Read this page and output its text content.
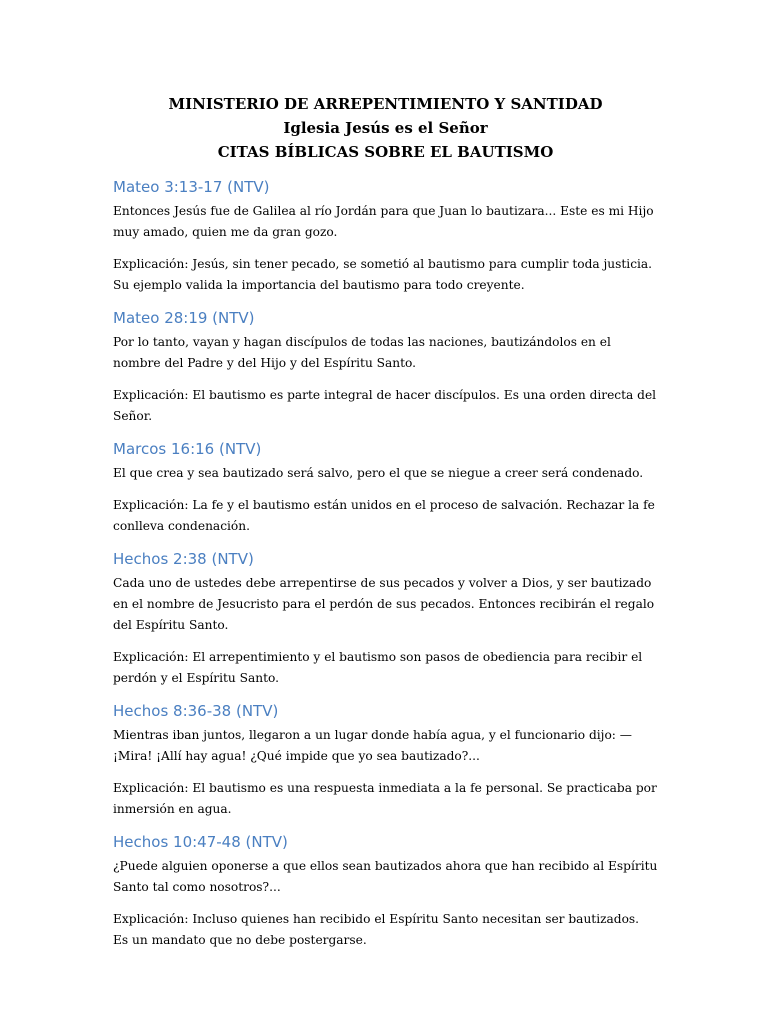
MINISTERIO DE ARREPENTIMIENTO Y SANTIDAD
Iglesia Jesús es el Señor
CITAS BÍBLICAS SOBRE EL BAUTISMO
Mateo 3:13-17 (NTV)

Entonces Jesús fue de Galilea al río Jordán para que Juan lo bautizara... Este es mi Hijo muy amado, quien me da gran gozo.

Explicación: Jesús, sin tener pecado, se sometió al bautismo para cumplir toda justicia. Su ejemplo valida la importancia del bautismo para todo creyente.

Mateo 28:19 (NTV)

Por lo tanto, vayan y hagan discípulos de todas las naciones, bautizándolos en el nombre del Padre y del Hijo y del Espíritu Santo.

Explicación: El bautismo es parte integral de hacer discípulos. Es una orden directa del Señor.

Marcos 16:16 (NTV)

El que crea y sea bautizado será salvo, pero el que se niegue a creer será condenado.

Explicación: La fe y el bautismo están unidos en el proceso de salvación. Rechazar la fe conlleva condenación.

Hechos 2:38 (NTV)

Cada uno de ustedes debe arrepentirse de sus pecados y volver a Dios, y ser bautizado en el nombre de Jesucristo para el perdón de sus pecados. Entonces recibirán el regalo del Espíritu Santo.

Explicación: El arrepentimiento y el bautismo son pasos de obediencia para recibir el perdón y el Espíritu Santo.

Hechos 8:36-38 (NTV)

Mientras iban juntos, llegaron a un lugar donde había agua, y el funcionario dijo: —¡Mira! ¡Allí hay agua! ¿Qué impide que yo sea bautizado?...

Explicación: El bautismo es una respuesta inmediata a la fe personal. Se practicaba por inmersión en agua.

Hechos 10:47-48 (NTV)

¿Puede alguien oponerse a que ellos sean bautizados ahora que han recibido al Espíritu Santo tal como nosotros?...

Explicación: Incluso quienes han recibido el Espíritu Santo necesitan ser bautizados. Es un mandato que no debe postergarse.
